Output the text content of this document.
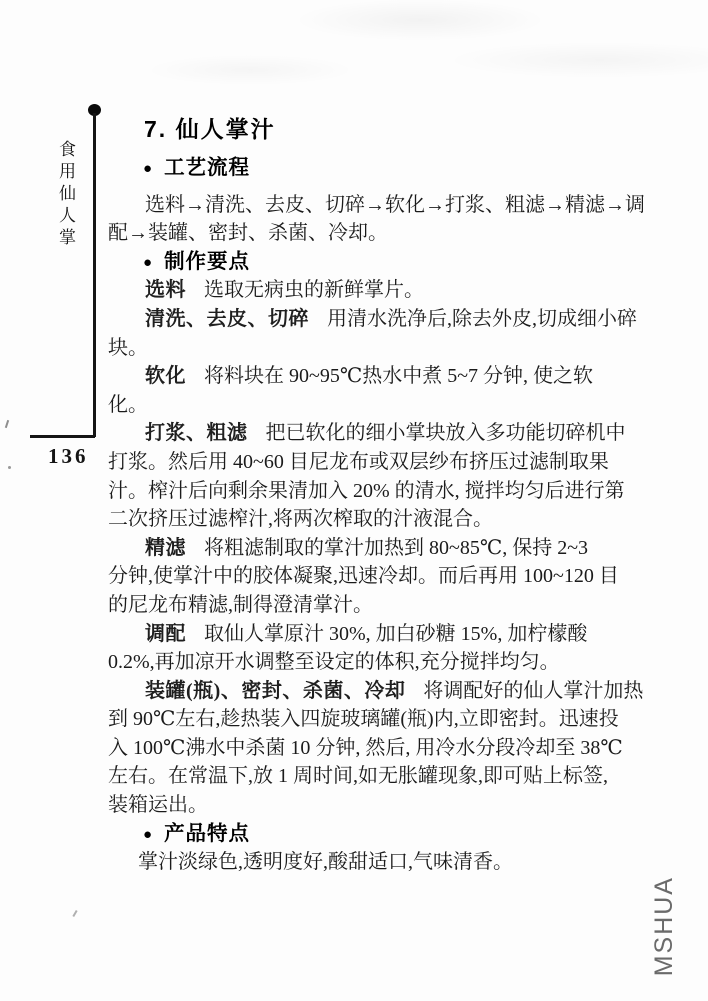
食用仙人掌
136
7. 仙人掌汁
● 工艺流程
选料→清洗、去皮、切碎→软化→打浆、粗滤→精滤→调
配→装罐、密封、杀菌、冷却。
● 制作要点
选料 选取无病虫的新鲜掌片。
清洗、去皮、切碎 用清水洗净后,除去外皮,切成细小碎
块。
软化 将料块在 90~95℃热水中煮 5~7 分钟, 使之软
化。
打浆、粗滤 把已软化的细小掌块放入多功能切碎机中
打浆。然后用 40~60 目尼龙布或双层纱布挤压过滤制取果
汁。榨汁后向剩余果清加入 20% 的清水, 搅拌均匀后进行第
二次挤压过滤榨汁,将两次榨取的汁液混合。
精滤 将粗滤制取的掌汁加热到 80~85℃, 保持 2~3
分钟,使掌汁中的胶体凝聚,迅速冷却。而后再用 100~120 目
的尼龙布精滤,制得澄清掌汁。
调配 取仙人掌原汁 30%, 加白砂糖 15%, 加柠檬酸
0.2%,再加凉开水调整至设定的体积,充分搅拌均匀。
装罐(瓶)、密封、杀菌、冷却 将调配好的仙人掌汁加热
到 90℃左右,趁热装入四旋玻璃罐(瓶)内,立即密封。迅速投
入 100℃沸水中杀菌 10 分钟, 然后, 用冷水分段冷却至 38℃
左右。在常温下,放 1 周时间,如无胀罐现象,即可贴上标签,
装箱运出。
● 产品特点
掌汁淡绿色,透明度好,酸甜适口,气味清香。
MSHUA
